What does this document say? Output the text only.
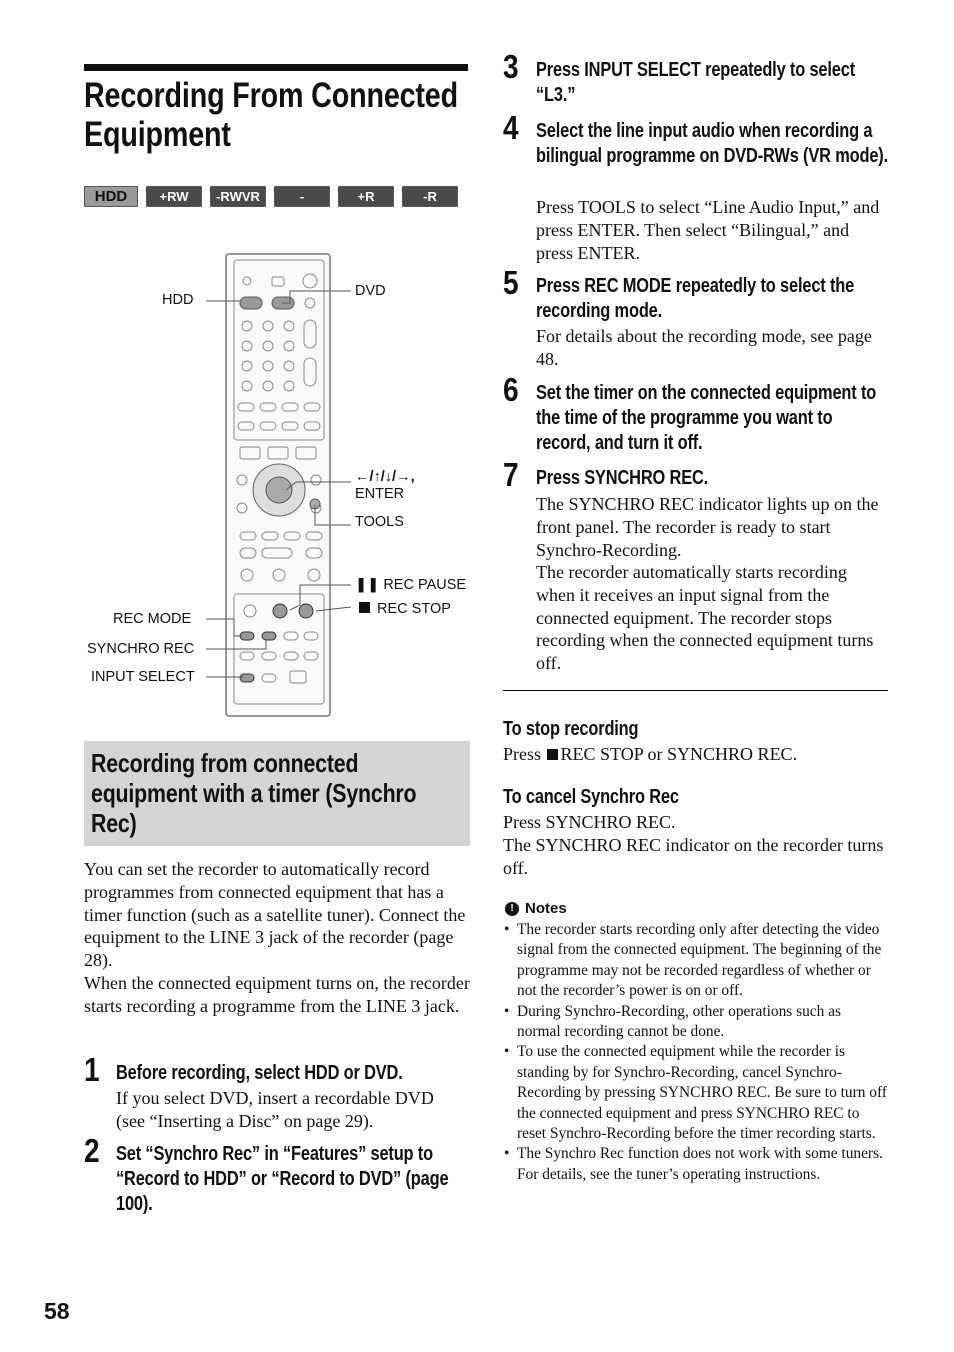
Recording From Connected Equipment
HDD	+RW	-RWVR	-RWVideo
+R	-R
HDD
DVD
←/↑/↓/→,
ENTER
TOOLS
❚❚ REC PAUSE
REC STOP
REC MODE
SYNCHRO REC
INPUT SELECT
Recording from connected equipment with a timer (Synchro Rec)
You can set the recorder to automatically record programmes from connected equipment that has a timer function (such as a satellite tuner). Connect the equipment to the LINE 3 jack of the recorder (page 28).
When the connected equipment turns on, the recorder starts recording a programme from the LINE 3 jack.
1 Before recording, select HDD or DVD.
If you select DVD, insert a recordable DVD (see “Inserting a Disc” on page 29).
2 Set “Synchro Rec” in “Features” setup to “Record to HDD” or “Record to DVD” (page 100).
3 Press INPUT SELECT repeatedly to select “L3.”
4 Select the line input audio when recording a bilingual programme on DVD-RWs (VR mode).
Press TOOLS to select “Line Audio Input,” and press ENTER. Then select “Bilingual,” and press ENTER.
5 Press REC MODE repeatedly to select the recording mode.
For details about the recording mode, see page 48.
6 Set the timer on the connected equipment to the time of the programme you want to record, and turn it off.
7 Press SYNCHRO REC.
The SYNCHRO REC indicator lights up on the front panel. The recorder is ready to start Synchro-Recording.
The recorder automatically starts recording when it receives an input signal from the connected equipment. The recorder stops recording when the connected equipment turns off.
To stop recording
Press REC STOP or SYNCHRO REC.
To cancel Synchro Rec
Press SYNCHRO REC.
The SYNCHRO REC indicator on the recorder turns off.
! Notes
• The recorder starts recording only after detecting the video signal from the connected equipment. The beginning of the programme may not be recorded regardless of whether or not the recorder’s power is on or off.
• During Synchro-Recording, other operations such as normal recording cannot be done.
• To use the connected equipment while the recorder is standing by for Synchro-Recording, cancel Synchro-Recording by pressing SYNCHRO REC. Be sure to turn off the connected equipment and press SYNCHRO REC to reset Synchro-Recording before the timer recording starts.
• The Synchro Rec function does not work with some tuners. For details, see the tuner’s operating instructions.
58
